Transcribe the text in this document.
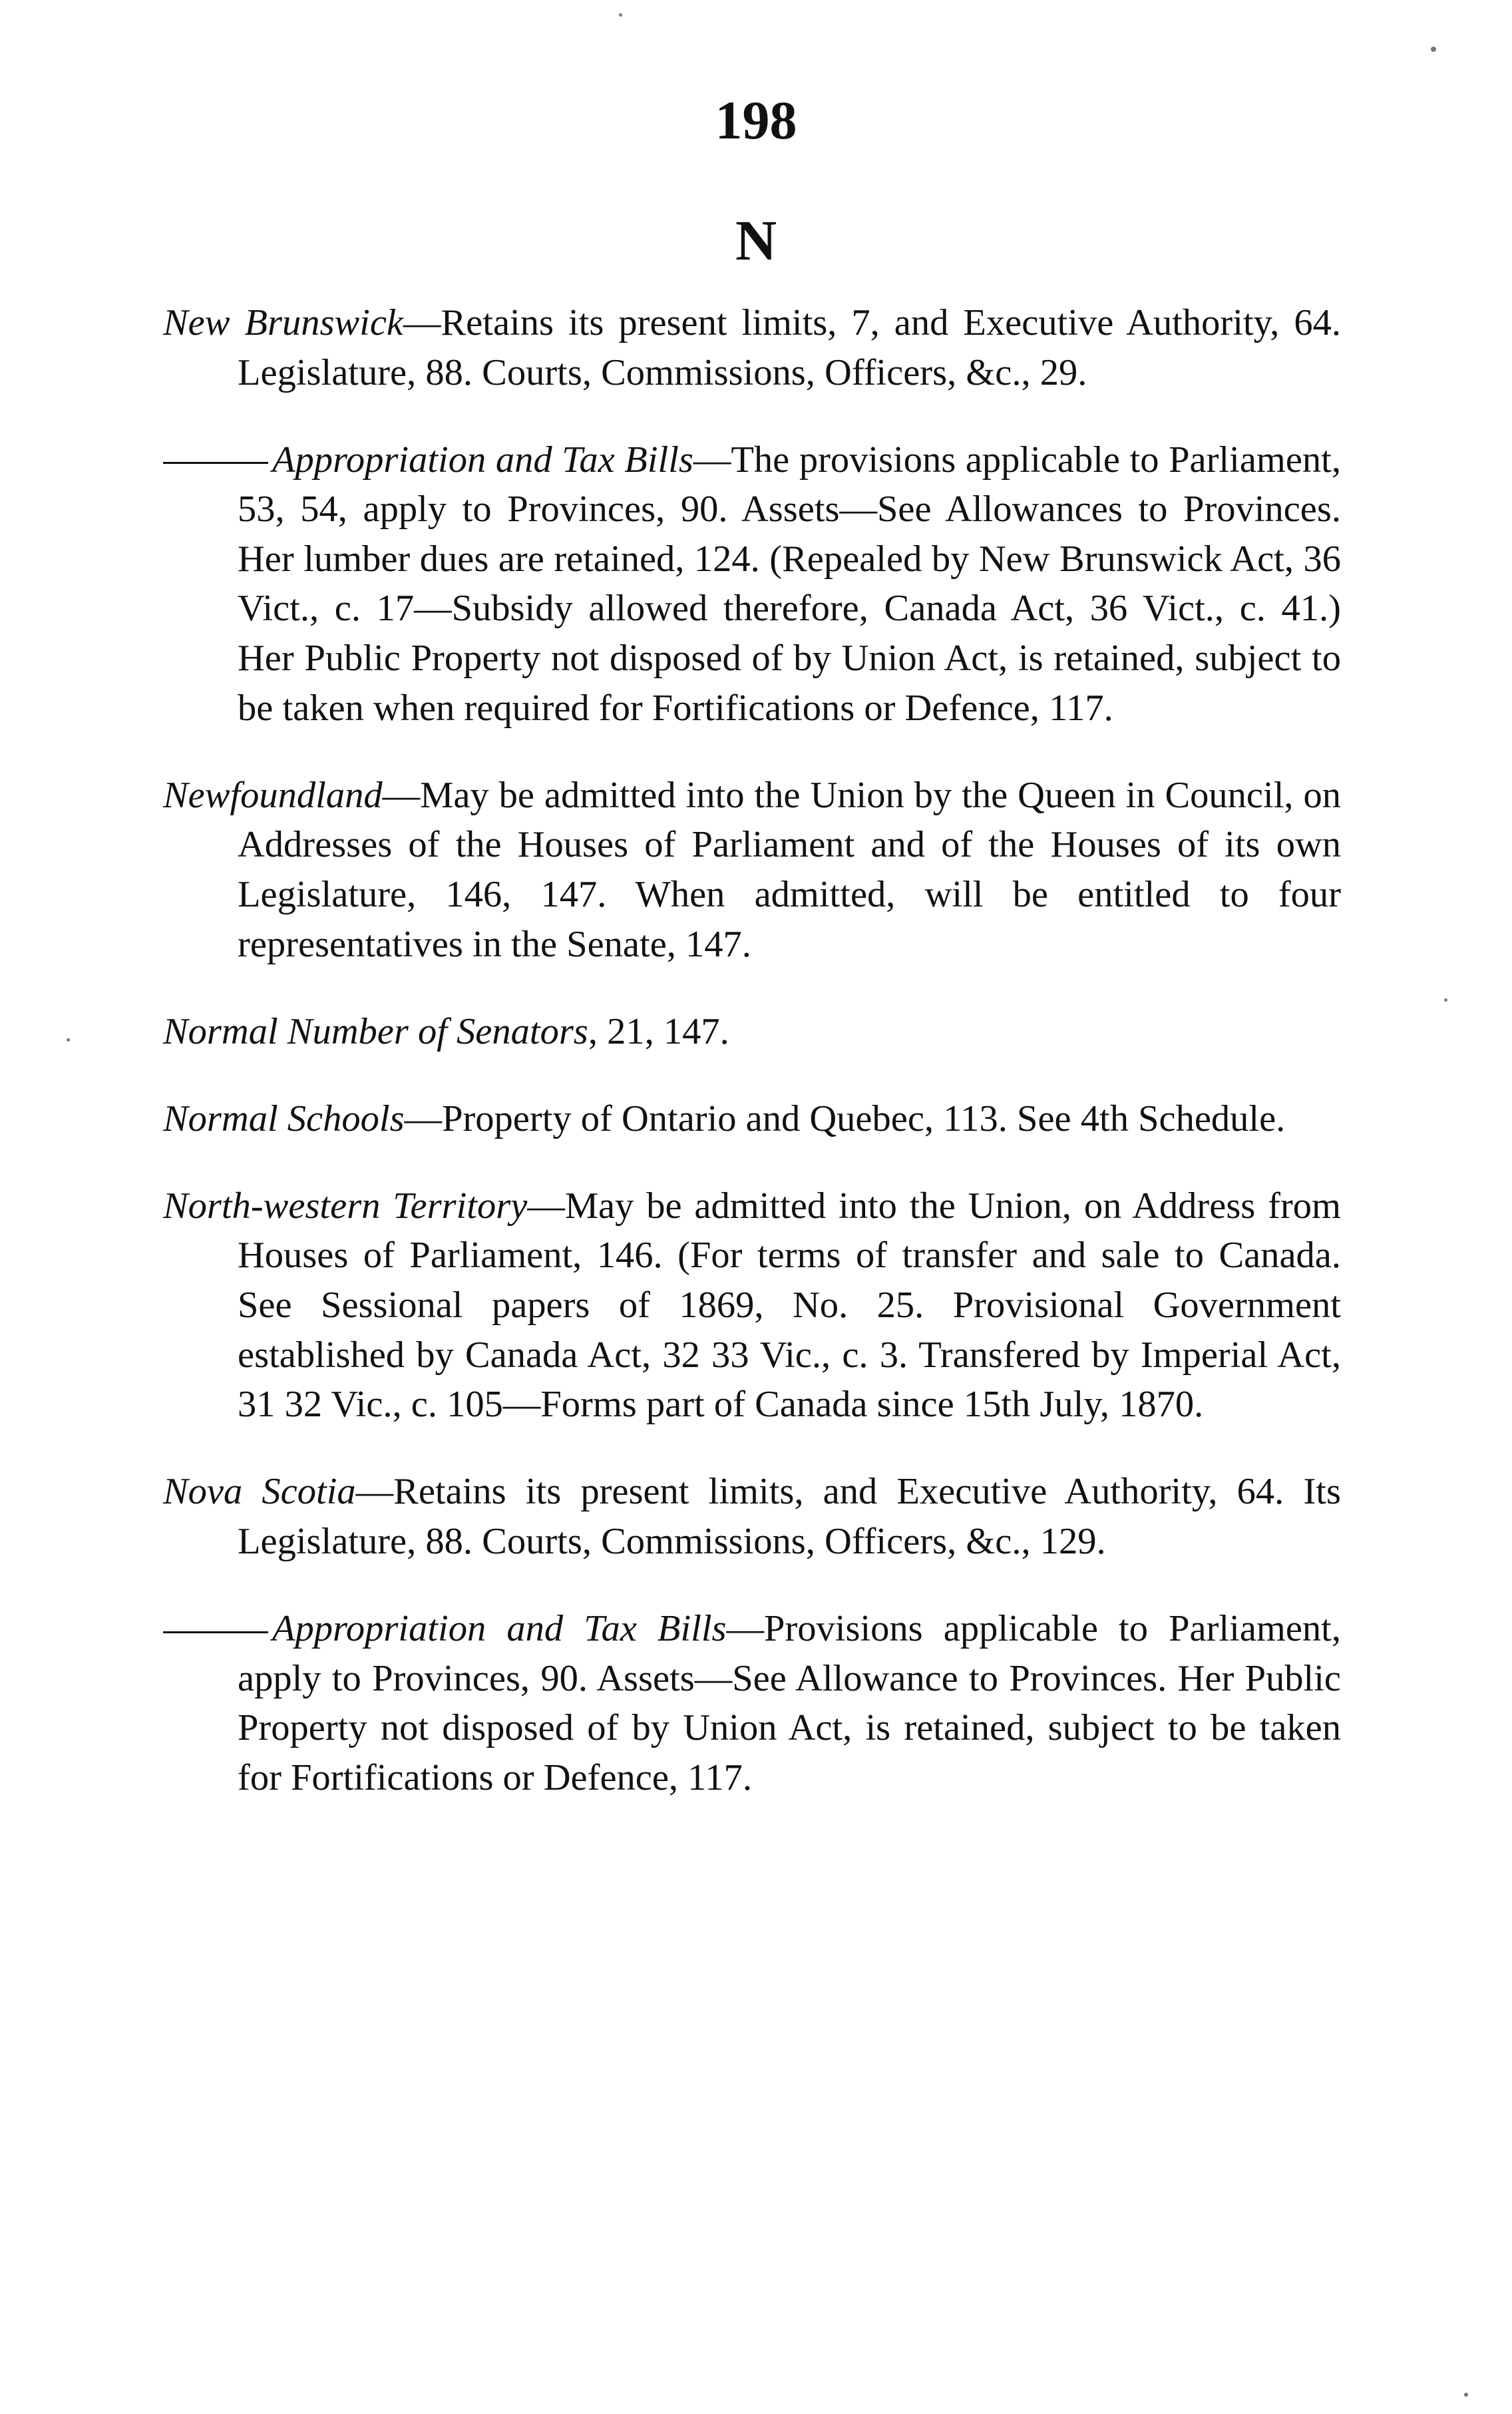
198
N

New Brunswick—Retains its present limits, 7, and Executive Authority, 64. Legislature, 88. Courts, Commissions, Officers, &c., 29.

Appropriation and Tax Bills—The provisions applicable to Parliament, 53, 54, apply to Provinces, 90. Assets—See Allowances to Provinces. Her lumber dues are retained, 124. (Repealed by New Brunswick Act, 36 Vict., c. 17—Subsidy allowed therefore, Canada Act, 36 Vict., c. 41.) Her Public Property not disposed of by Union Act, is retained, subject to be taken when required for Fortifications or Defence, 117.

Newfoundland—May be admitted into the Union by the Queen in Council, on Addresses of the Houses of Parliament and of the Houses of its own Legislature, 146, 147. When admitted, will be entitled to four representatives in the Senate, 147.

Normal Number of Senators, 21, 147.

Normal Schools—Property of Ontario and Quebec, 113. See 4th Schedule.

North-western Territory—May be admitted into the Union, on Address from Houses of Parliament, 146. (For terms of transfer and sale to Canada. See Sessional papers of 1869, No. 25. Provisional Government established by Canada Act, 32 33 Vic., c. 3. Transfered by Imperial Act, 31 32 Vic., c. 105—Forms part of Canada since 15th July, 1870.

Nova Scotia—Retains its present limits, and Executive Authority, 64. Its Legislature, 88. Courts, Commissions, Officers, &c., 129.

Appropriation and Tax Bills—Provisions applicable to Parliament, apply to Provinces, 90. Assets—See Allowance to Provinces. Her Public Property not disposed of by Union Act, is retained, subject to be taken for Fortifications or Defence, 117.
